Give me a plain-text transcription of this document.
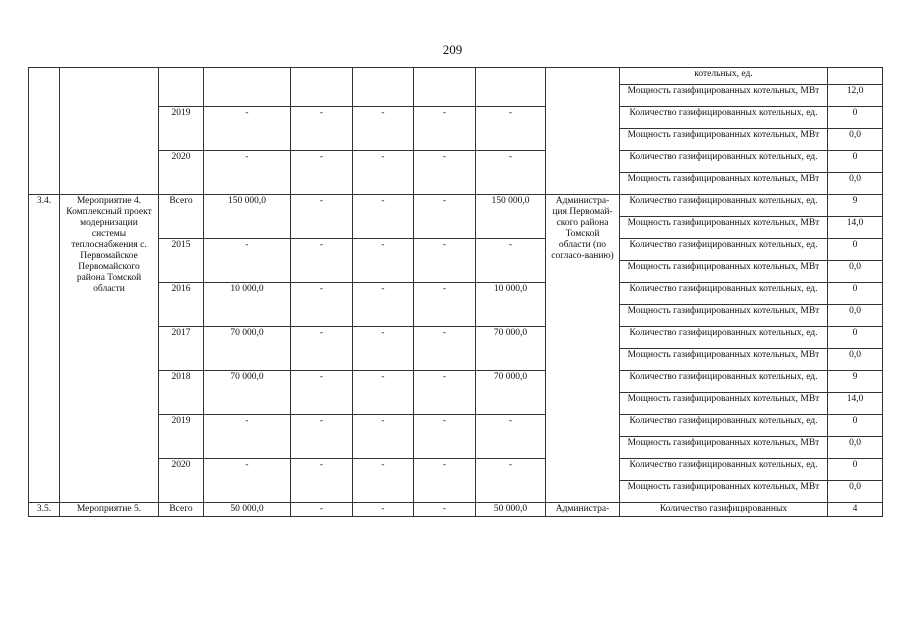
209
									котельных, ед.	
									Мощность газифицированных котельных, МВт	12,0
		2019	-	-	-	-	-		Количество газифицированных котельных, ед.	0
									Мощность газифицированных котельных, МВт	0,0
		2020	-	-	-	-	-		Количество газифицированных котельных, ед.	0
									Мощность газифицированных котельных, МВт	0,0
3.4.	Мероприятие 4. Комплексный проект модернизации системы теплоснабжения с. Первомайское Первомайского района Томской области	Всего	150 000,0	-	-	-	150 000,0	Администра-ция Первомай-ского района Томской области (по согласо-ванию)	Количество газифицированных котельных, ед.	9
									Мощность газифицированных котельных, МВт	14,0
		2015	-	-	-	-	-		Количество газифицированных котельных, ед.	0
									Мощность газифицированных котельных, МВт	0,0
		2016	10 000,0	-	-	-	10 000,0		Количество газифицированных котельных, ед.	0
									Мощность газифицированных котельных, МВт	0,0
		2017	70 000,0	-	-	-	70 000,0		Количество газифицированных котельных, ед.	0
									Мощность газифицированных котельных, МВт	0,0
		2018	70 000,0	-	-	-	70 000,0		Количество газифицированных котельных, ед.	9
									Мощность газифицированных котельных, МВт	14,0
		2019	-	-	-	-	-		Количество газифицированных котельных, ед.	0
									Мощность газифицированных котельных, МВт	0,0
		2020	-	-	-	-	-		Количество газифицированных котельных, ед.	0
									Мощность газифицированных котельных, МВт	0,0
3.5.	Мероприятие 5.	Всего	50 000,0	-	-	-	50 000,0	Администра-	Количество газифицированных	4
